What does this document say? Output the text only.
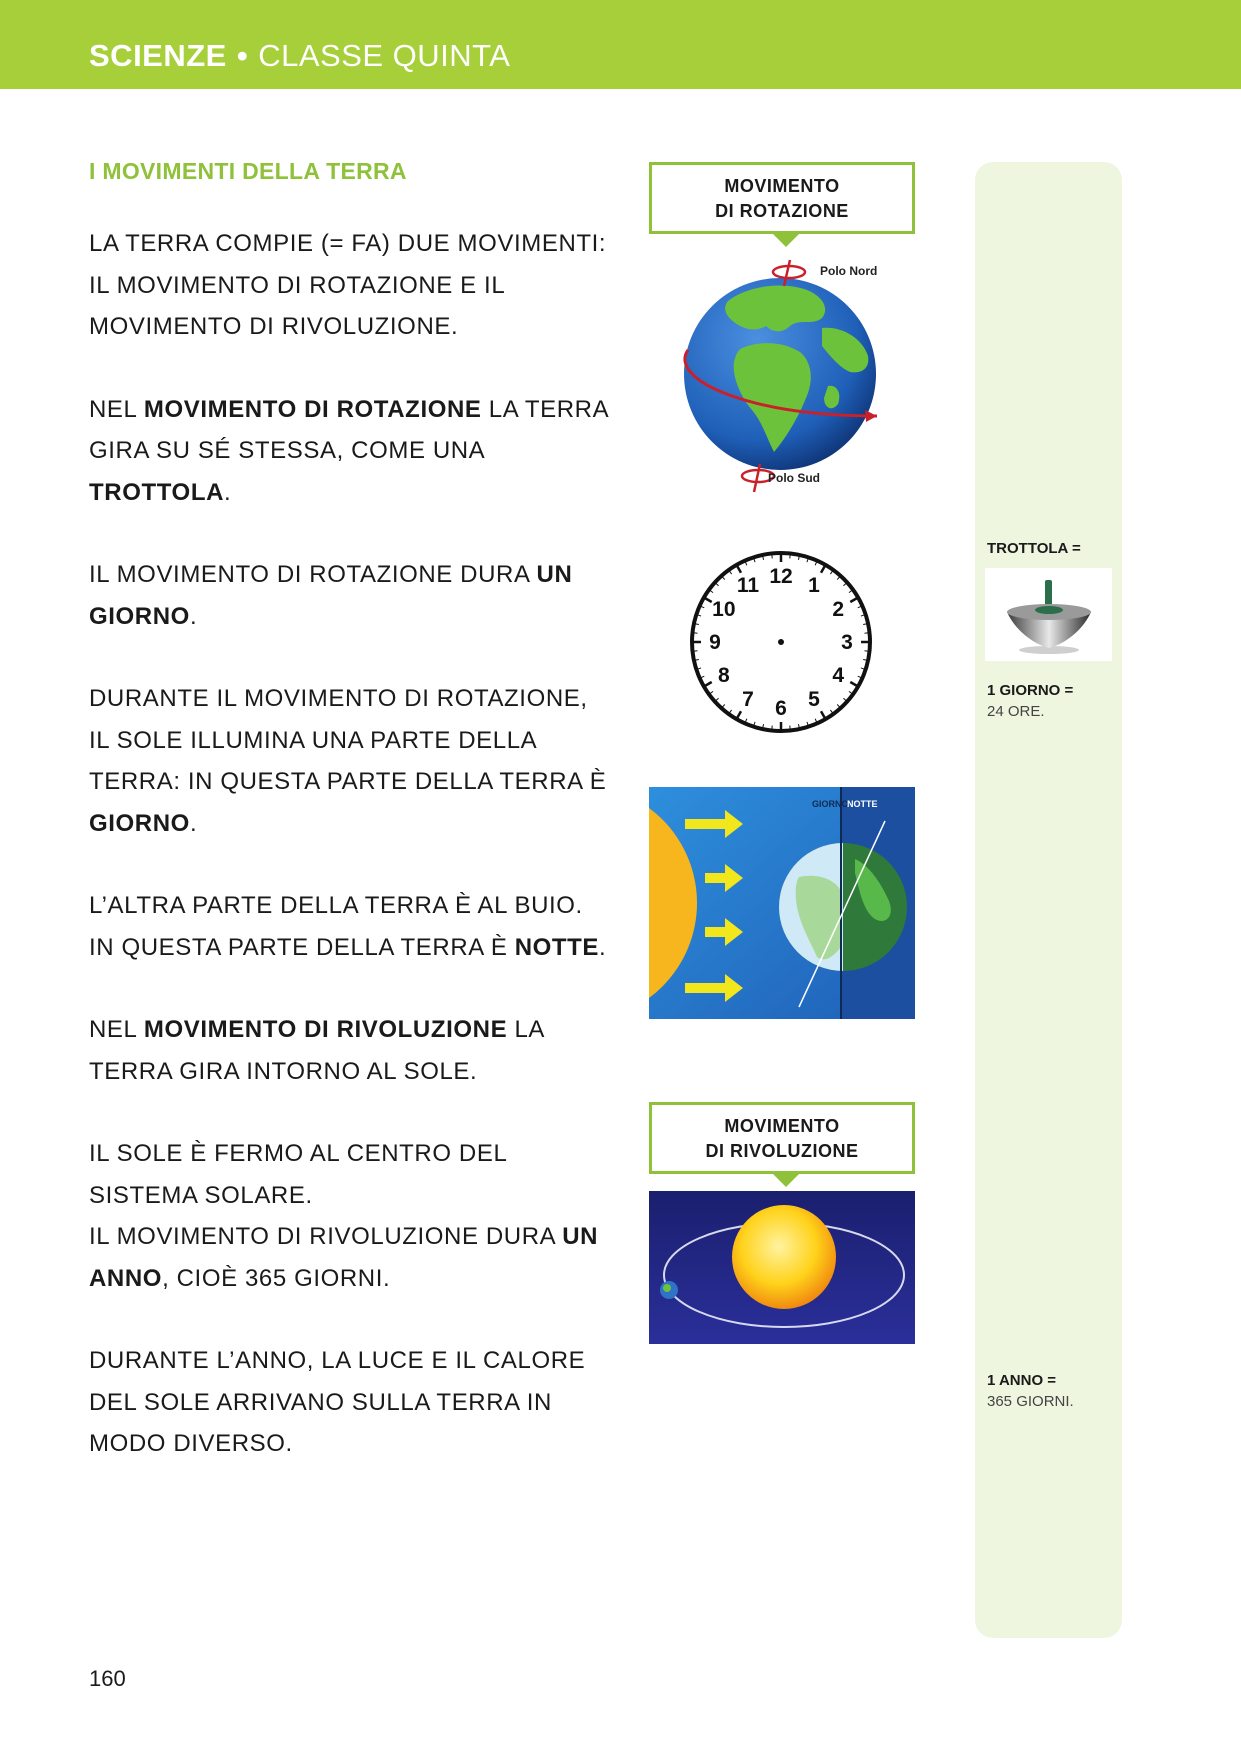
SCIENZE • CLASSE QUINTA
I MOVIMENTI DELLA TERRA

LA TERRA COMPIE (= FA) DUE MOVIMENTI: IL MOVIMENTO DI ROTAZIONE E IL MOVIMENTO DI RIVOLUZIONE.

NEL MOVIMENTO DI ROTAZIONE LA TERRA GIRA SU SÉ STESSA, COME UNA TROTTOLA.

IL MOVIMENTO DI ROTAZIONE DURA UN GIORNO.

DURANTE IL MOVIMENTO DI ROTAZIONE, IL SOLE ILLUMINA UNA PARTE DELLA TERRA: IN QUESTA PARTE DELLA TERRA È GIORNO.

L’ALTRA PARTE DELLA TERRA È AL BUIO. IN QUESTA PARTE DELLA TERRA È NOTTE.

NEL MOVIMENTO DI RIVOLUZIONE LA TERRA GIRA INTORNO AL SOLE.

IL SOLE È FERMO AL CENTRO DEL SISTEMA SOLARE.

IL MOVIMENTO DI RIVOLUZIONE DURA UN ANNO, CIOÈ 365 GIORNI.

DURANTE L’ANNO, LA LUCE E IL CALORE DEL SOLE ARRIVANO SULLA TERRA IN MODO DIVERSO.

MOVIMENTO
DI ROTAZIONE
Polo Nord
Polo Sud
12 1
2
3
4
5
6
7
8
9
10
11
GIORNO
NOTTE
MOVIMENTO
DI RIVOLUZIONE
TROTTOLA =
1 GIORNO =
24 ORE.
1 ANNO =
365 GIORNI.
160
